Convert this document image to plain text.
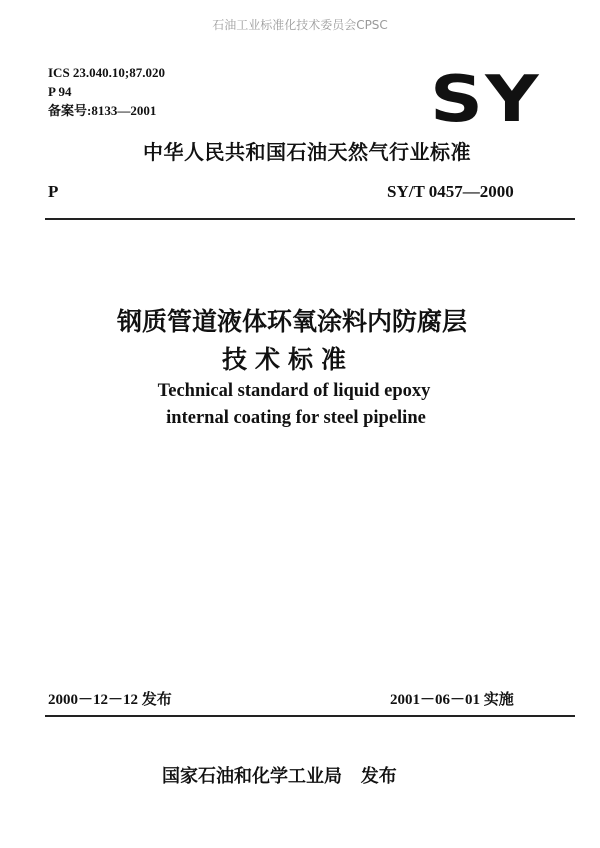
石油工业标准化技术委员会CPSC
ICS 23.040.10;87.020
P 94
备案号:8133—2001	SY
中华人民共和国石油天然气行业标准
P	SY/T 0457—2000
钢质管道液体环氧涂料内防腐层
技术标准
Technical standard of liquid epoxy
internal coating for steel pipeline
2000－12－12 发布	2001－06－01 实施
国家石油和化学工业局   发布
